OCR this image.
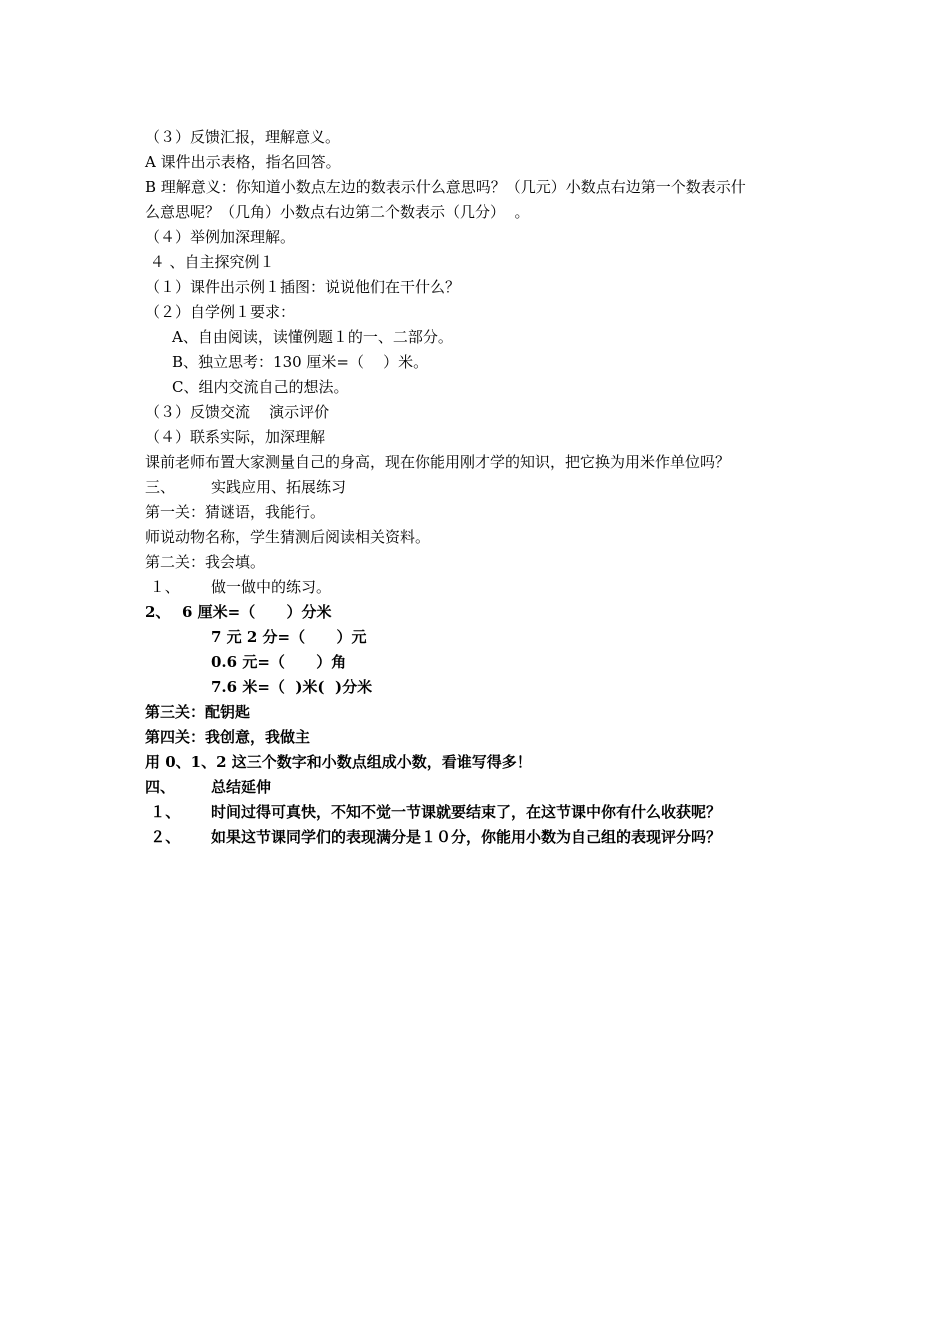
（３）反馈汇报，理解意义。
A 课件出示表格，指名回答。
B 理解意义：你知道小数点左边的数表示什么意思吗？（几元）小数点右边第一个数表示什
么意思呢？（几角）小数点右边第二个数表示（几分）  。
（４）举例加深理解。
４ 、自主探究例１
（１）课件出示例１插图：说说他们在干什么？
（２）自学例１要求：
A、自由阅读，读懂例题１的一、二部分。
B、独立思考：130 厘米=（    ）米。
C、组内交流自己的想法。
（３）反馈交流    演示评价
（４）联系实际，加深理解
课前老师布置大家测量自己的身高，现在你能用刚才学的知识，把它换为用米作单位吗？
三、 实践应用、拓展练习
第一关：猜谜语，我能行。
师说动物名称，学生猜测后阅读相关资料。
第二关：我会填。
１、 做一做中的练习。
2、 6 厘米=（      ）分米
7 元 2 分=（      ）元
0.6 元=（      ）角
7.6 米=（  )米(  )分米
第三关：配钥匙
第四关：我创意，我做主
用 0、1、2 这三个数字和小数点组成小数，看谁写得多！
四、 总结延伸
１、 时间过得可真快，不知不觉一节课就要结束了，在这节课中你有什么收获呢？
２、 如果这节课同学们的表现满分是１０分，你能用小数为自己组的表现评分吗？
